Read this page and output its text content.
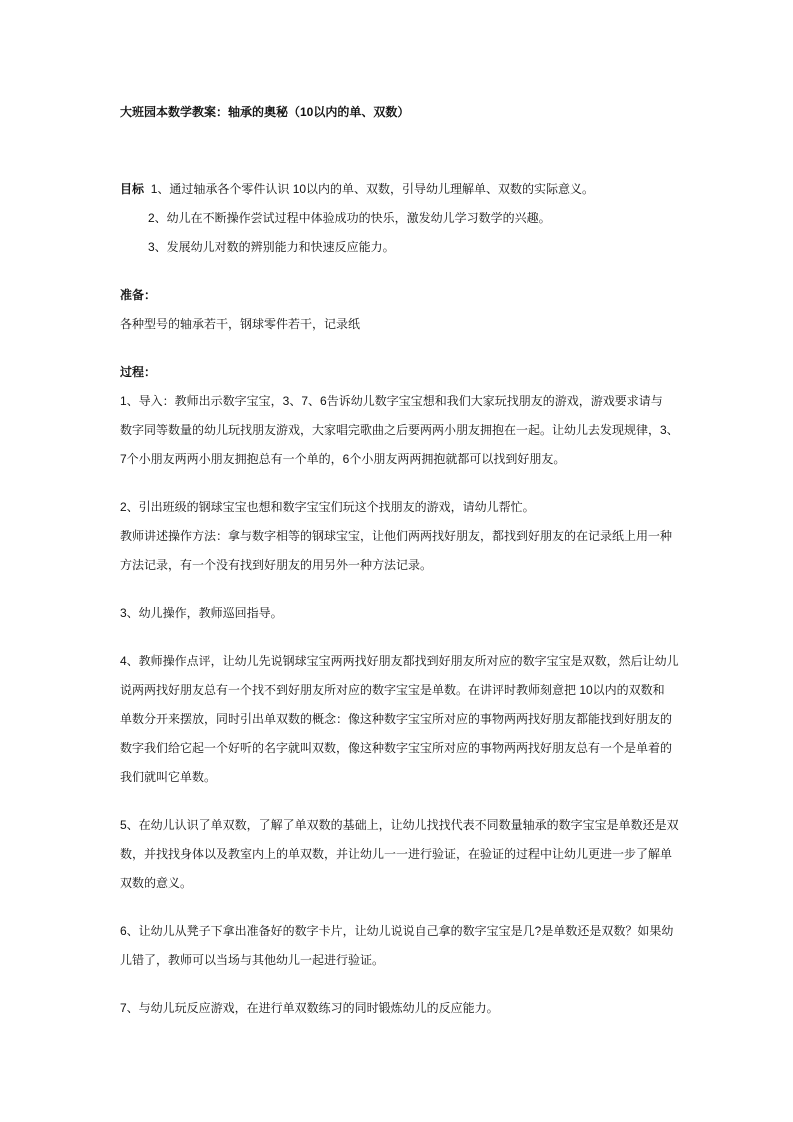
大班园本数学教案：轴承的奥秘（10以内的单、双数）
目标 1、通过轴承各个零件认识 10以内的单、双数，引导幼儿理解单、双数的实际意义。
2、幼儿在不断操作尝试过程中体验成功的快乐，激发幼儿学习数学的兴趣。
3、发展幼儿对数的辨别能力和快速反应能力。
准备：
各种型号的轴承若干，钢球零件若干，记录纸
过程：
1、导入：教师出示数字宝宝，3、7、6告诉幼儿数字宝宝想和我们大家玩找朋友的游戏，游戏要求请与
数字同等数量的幼儿玩找朋友游戏，大家唱完歌曲之后要两两小朋友拥抱在一起。让幼儿去发现规律，3、
7个小朋友两两小朋友拥抱总有一个单的，6个小朋友两两拥抱就都可以找到好朋友。
2、引出班级的钢球宝宝也想和数字宝宝们玩这个找朋友的游戏，请幼儿帮忙。
教师讲述操作方法：拿与数字相等的钢球宝宝，让他们两两找好朋友，都找到好朋友的在记录纸上用一种
方法记录，有一个没有找到好朋友的用另外一种方法记录。
3、幼儿操作，教师巡回指导。
4、教师操作点评，让幼儿先说钢球宝宝两两找好朋友都找到好朋友所对应的数字宝宝是双数，然后让幼儿
说两两找好朋友总有一个找不到好朋友所对应的数字宝宝是单数。在讲评时教师刻意把 10以内的双数和
单数分开来摆放，同时引出单双数的概念：像这种数字宝宝所对应的事物两两找好朋友都能找到好朋友的
数字我们给它起一个好听的名字就叫双数，像这种数字宝宝所对应的事物两两找好朋友总有一个是单着的
我们就叫它单数。
5、在幼儿认识了单双数，了解了单双数的基础上，让幼儿找找代表不同数量轴承的数字宝宝是单数还是双
数，并找找身体以及教室内上的单双数，并让幼儿一一进行验证，在验证的过程中让幼儿更进一步了解单
双数的意义。
6、让幼儿从凳子下拿出准备好的数字卡片，让幼儿说说自己拿的数字宝宝是几?是单数还是双数？如果幼
儿错了，教师可以当场与其他幼儿一起进行验证。
7、与幼儿玩反应游戏，在进行单双数练习的同时锻炼幼儿的反应能力。
